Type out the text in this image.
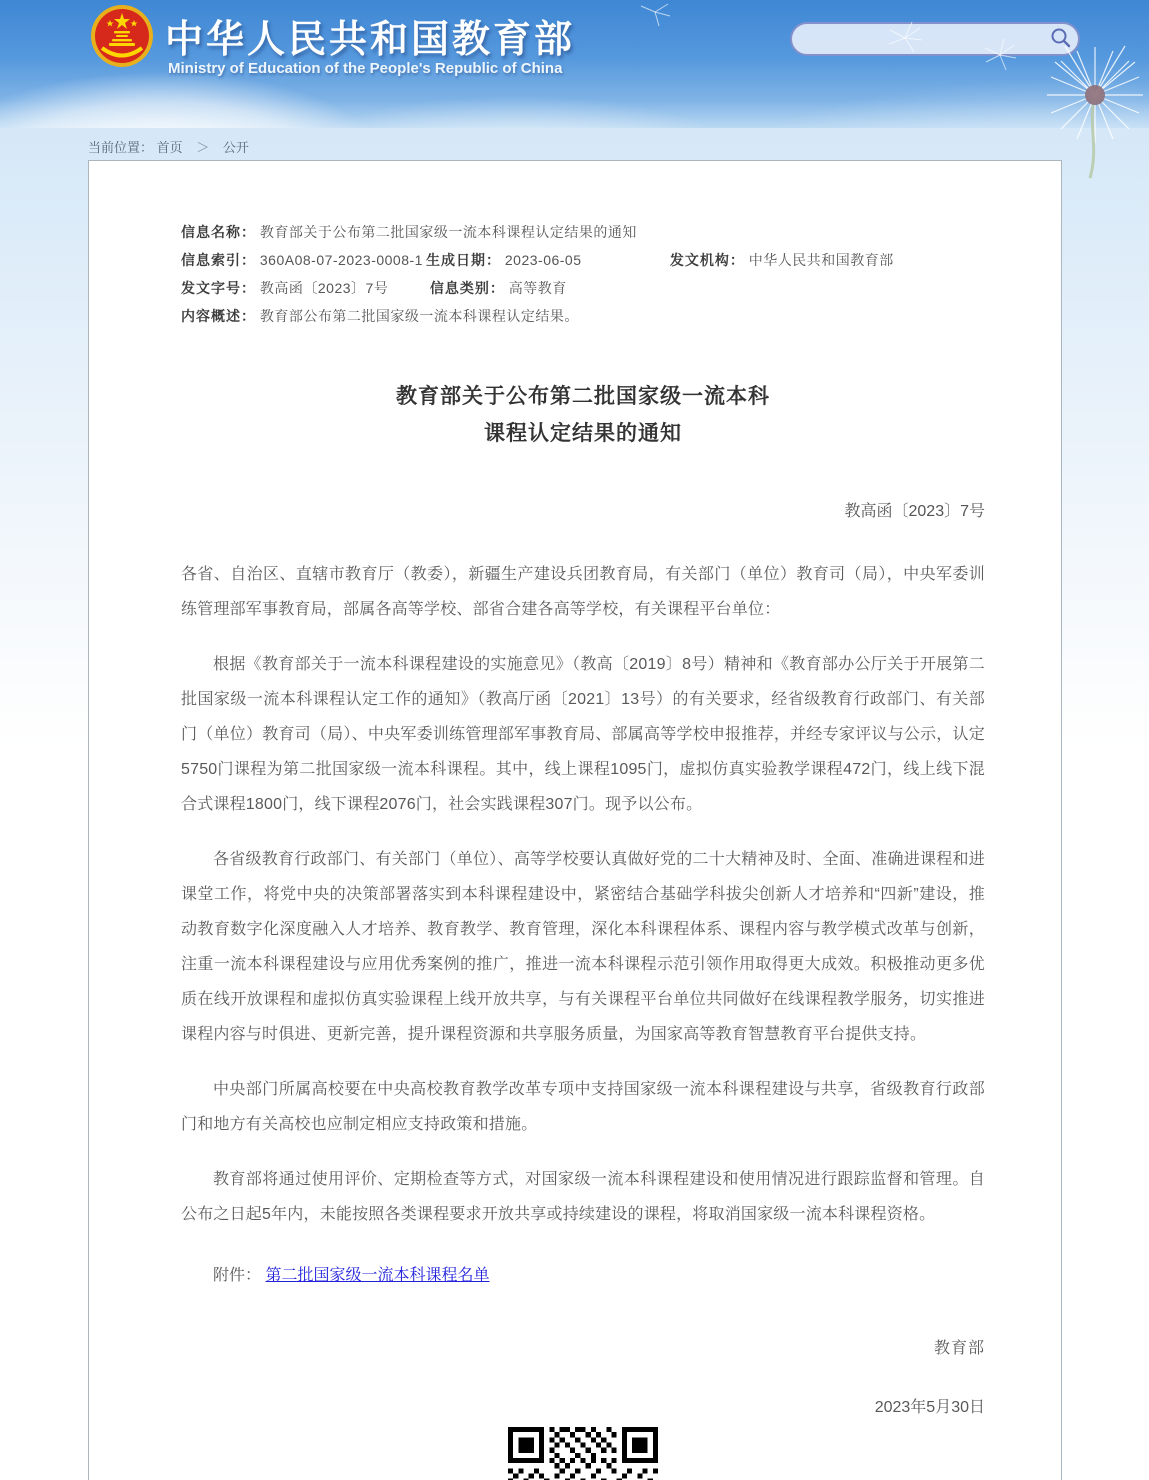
中华人民共和国教育部
Ministry of Education of the People's Republic of China
当前位置： 首页 ＞ 公开
信息名称： 教育部关于公布第二批国家级一流本科课程认定结果的通知
信息索引： 360A08-07-2023-0008-1 生成日期： 2023-06-05	发文机构： 中华人民共和国教育部
发文字号： 教高函〔2023〕7号	信息类别： 高等教育
内容概述： 教育部公布第二批国家级一流本科课程认定结果。
教育部关于公布第二批国家级一流本科
课程认定结果的通知
教高函〔2023〕7号

各省、自治区、直辖市教育厅（教委），新疆生产建设兵团教育局，有关部门（单位）教育司（局），中央军委训练管理部军事教育局，部属各高等学校、部省合建各高等学校，有关课程平台单位：

根据《教育部关于一流本科课程建设的实施意见》（教高〔2019〕8号）精神和《教育部办公厅关于开展第二批国家级一流本科课程认定工作的通知》（教高厅函〔2021〕13号）的有关要求，经省级教育行政部门、有关部门（单位）教育司（局）、中央军委训练管理部军事教育局、部属高等学校申报推荐，并经专家评议与公示，认定5750门课程为第二批国家级一流本科课程。其中，线上课程1095门，虚拟仿真实验教学课程472门，线上线下混合式课程1800门，线下课程2076门，社会实践课程307门。现予以公布。

各省级教育行政部门、有关部门（单位）、高等学校要认真做好党的二十大精神及时、全面、准确进课程和进课堂工作，将党中央的决策部署落实到本科课程建设中，紧密结合基础学科拔尖创新人才培养和“四新”建设，推动教育数字化深度融入人才培养、教育教学、教育管理，深化本科课程体系、课程内容与教学模式改革与创新，注重一流本科课程建设与应用优秀案例的推广，推进一流本科课程示范引领作用取得更大成效。积极推动更多优质在线开放课程和虚拟仿真实验课程上线开放共享，与有关课程平台单位共同做好在线课程教学服务，切实推进课程内容与时俱进、更新完善，提升课程资源和共享服务质量，为国家高等教育智慧教育平台提供支持。

中央部门所属高校要在中央高校教育教学改革专项中支持国家级一流本科课程建设与共享，省级教育行政部门和地方有关高校也应制定相应支持政策和措施。

教育部将通过使用评价、定期检查等方式，对国家级一流本科课程建设和使用情况进行跟踪监督和管理。自公布之日起5年内，未能按照各类课程要求开放共享或持续建设的课程，将取消国家级一流本科课程资格。

附件： 第二批国家级一流本科课程名单
教育部
2023年5月30日
